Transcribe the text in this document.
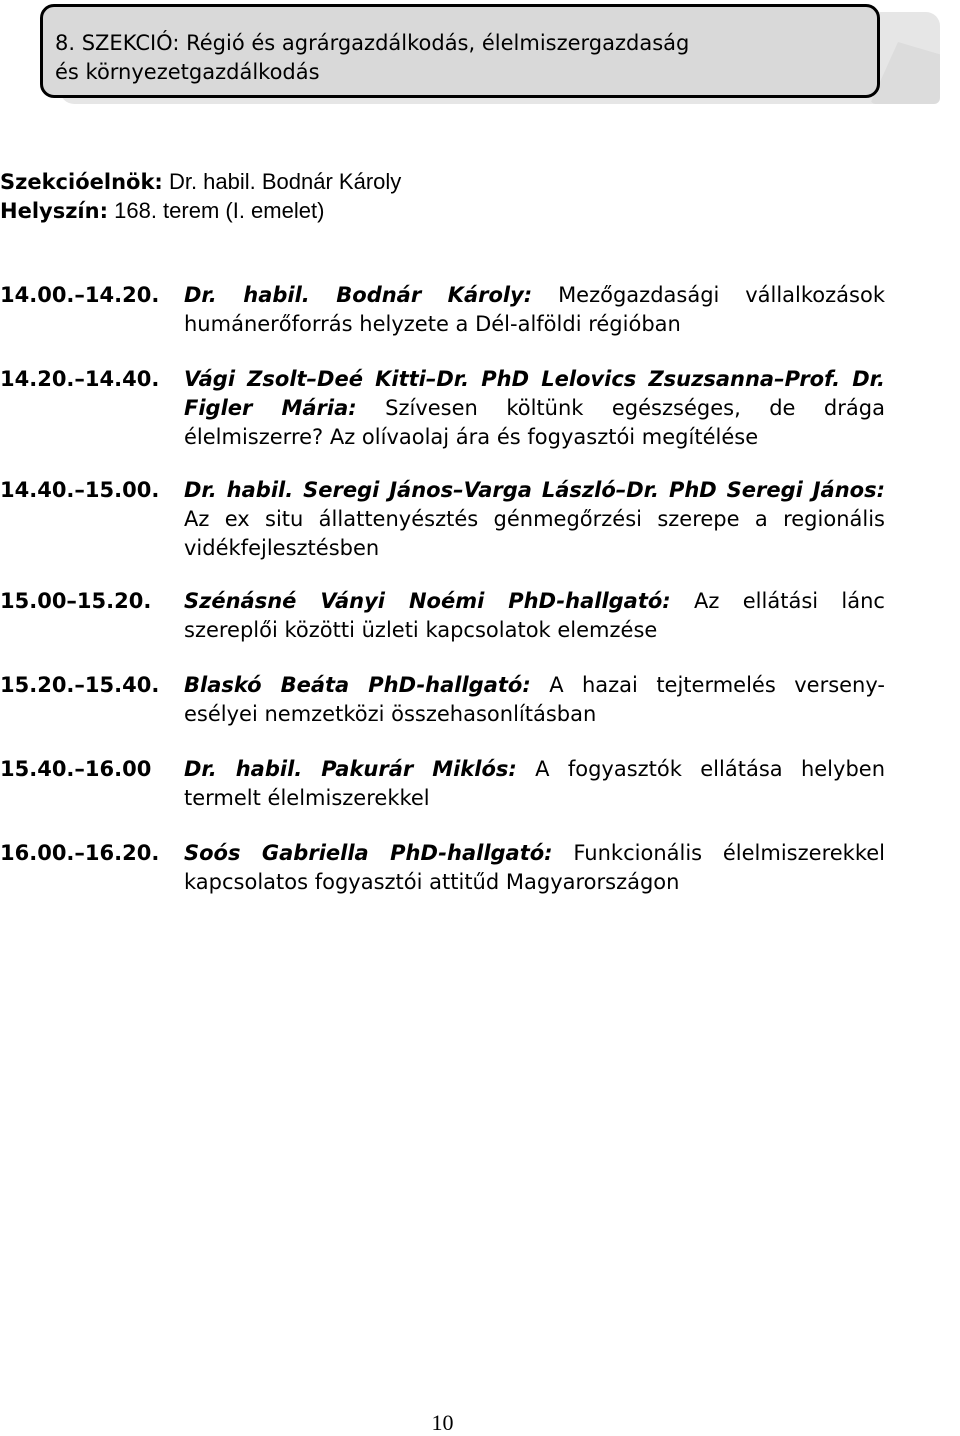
8. SZEKCIÓ: Régió és agrárgazdálkodás, élelmiszergazdaság
és környezetgazdálkodás
Szekcióelnök: Dr. habil. Bodnár Károly
Helyszín: 168. terem (I. emelet)
14.00.–14.20. Dr. habil. Bodnár Károly: Mezőgazdasági vállalkozások humánerőforrás helyzete a Dél-alföldi régióban
14.20.–14.40. Vági Zsolt–Deé Kitti–Dr. PhD Lelovics Zsuzsanna–Prof. Dr. Figler Mária: Szívesen költünk egészséges, de drága élelmiszerre? Az olívaolaj ára és fogyasztói megítélése
14.40.–15.00. Dr. habil. Seregi János–Varga László–Dr. PhD Seregi János: Az ex situ állattenyésztés génmegőrzési szerepe a regionális vidékfejlesztésben
15.00–15.20. Szénásné Ványi Noémi PhD-hallgató: Az ellátási lánc szereplői közötti üzleti kapcsolatok elemzése
15.20.–15.40. Blaskó Beáta PhD-hallgató: A hazai tejtermelés verseny-esélyei nemzetközi összehasonlításban
15.40.–16.00 Dr. habil. Pakurár Miklós: A fogyasztók ellátása helyben termelt élelmiszerekkel
16.00.–16.20. Soós Gabriella PhD-hallgató: Funkcionális élelmiszerekkel kapcsolatos fogyasztói attitűd Magyarországon
10
